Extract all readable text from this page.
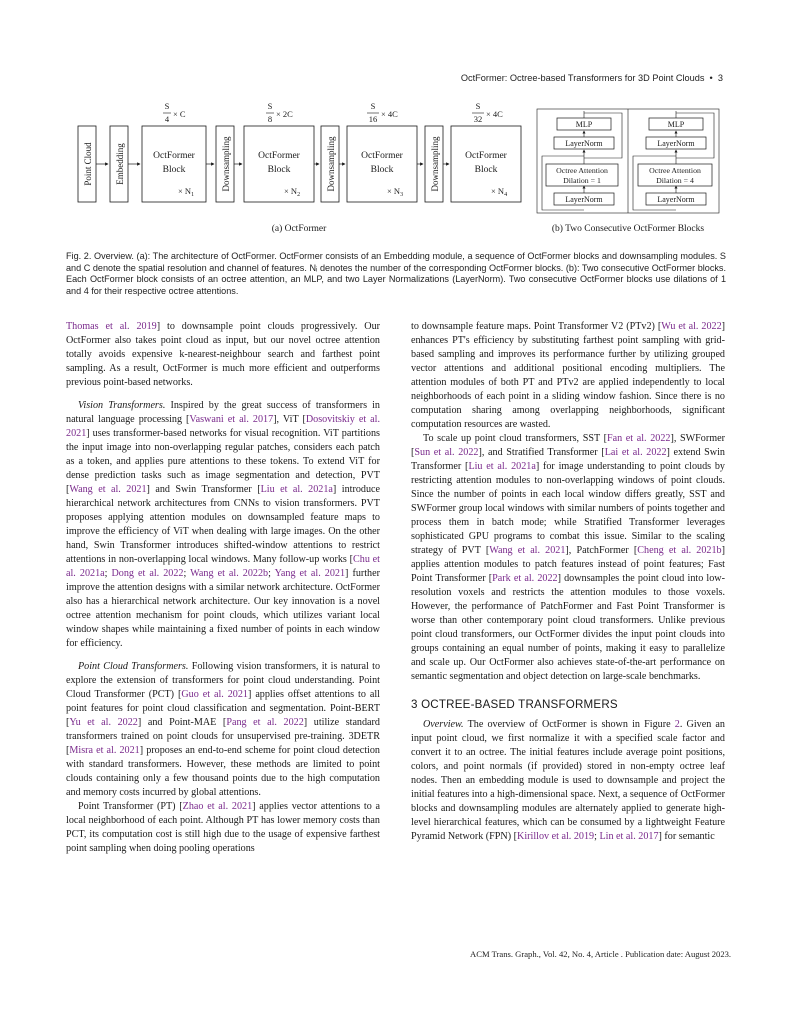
OctFormer: Octree-based Transformers for 3D Point Clouds • 3
S
4 × C
S
8 × 2C
S
16 × 4C
S
32 × 4C
Point Cloud Embedding	OctFormer
Block
× $N_1$
Downsampling	OctFormer
Block
× $N_2$
Downsampling	OctFormer
Block
× $N_3$
Downsampling	OctFormer
Block
× $N_4$
(a) OctFormer
MLP
LayerNorm
Octree Attention
Dilation = 1
LayerNorm
MLP
LayerNorm
Octree Attention
Dilation = 4
LayerNorm
(b) Two Consecutive OctFormer Blocks
Fig. 2. Overview. (a): The architecture of OctFormer. OctFormer consists of an Embedding module, a sequence of OctFormer blocks and downsampling modules. S and C denote the spatial resolution and channel of features. Nᵢ denotes the number of the corresponding OctFormer blocks. (b): Two consecutive OctFormer blocks. Each OctFormer block consists of an octree attention, an MLP, and two Layer Normalizations (LayerNorm). Two consecutive OctFormer blocks use dilations of 1 and 4 for their respective octree attentions.

Thomas et al. 2019] to downsample point clouds progressively. Our OctFormer also takes point cloud as input, but our novel octree attention totally avoids expensive k-nearest-neighbour search and farthest point sampling. As a result, OctFormer is much more efficient and outperforms previous point-based networks.

Vision Transformers. Inspired by the great success of transformers in natural language processing [Vaswani et al. 2017], ViT [Dosovitskiy et al. 2021] uses transformer-based networks for visual recognition. ViT partitions the input image into non-overlapping regular patches, considers each patch as a token, and applies pure attentions to these tokens. To extend ViT for dense prediction tasks such as image segmentation and detection, PVT [Wang et al. 2021] and Swin Transformer [Liu et al. 2021a] introduce hierarchical network architectures from CNNs to vision transformers. PVT proposes applying attention modules on downsampled feature maps to improve the efficiency of ViT when dealing with large images. On the other hand, Swin Transformer introduces shifted-window attentions to restrict attentions in non-overlapping local windows. Many follow-up works [Chu et al. 2021a; Dong et al. 2022; Wang et al. 2022b; Yang et al. 2021] further improve the attention designs with a similar network architecture. OctFormer also has a hierarchical network architecture. Our key innovation is a novel octree attention mechanism for point clouds, which utilizes variant local window shapes while maintaining a fixed number of points in each window for efficiency.

Point Cloud Transformers. Following vision transformers, it is natural to explore the extension of transformers for point cloud understanding. Point Cloud Transformer (PCT) [Guo et al. 2021] applies offset attentions to all point features for point cloud classification and segmentation. Point-BERT [Yu et al. 2022] and Point-MAE [Pang et al. 2022] utilize standard transformers trained on point clouds for unsupervised pre-training. 3DETR [Misra et al. 2021] proposes an end-to-end scheme for point cloud detection with standard transformers. However, these methods are limited to point clouds containing only a few thousand points due to the high computation and memory costs incurred by global attentions.

Point Transformer (PT) [Zhao et al. 2021] applies vector attentions to a local neighborhood of each point. Although PT has lower memory costs than PCT, its computation cost is still high due to the usage of expensive farthest point sampling when doing pooling operations

to downsample feature maps. Point Transformer V2 (PTv2) [Wu et al. 2022] enhances PT's efficiency by substituting farthest point sampling with grid-based sampling and improves its performance further by utilizing grouped vector attentions and additional positional encoding multipliers. The attention modules of both PT and PTv2 are applied independently to local neighborhoods of each point in a sliding window fashion. Since there is no computation sharing among overlapping neighborhoods, significant computation resources are wasted.

To scale up point cloud transformers, SST [Fan et al. 2022], SWFormer [Sun et al. 2022], and Stratified Transformer [Lai et al. 2022] extend Swin Transformer [Liu et al. 2021a] for image understanding to point clouds by restricting attention modules to non-overlapping windows of point clouds. Since the number of points in each local window differs greatly, SST and SWFormer group local windows with similar numbers of points together and process them in batch mode; while Stratified Transformer leverages sophisticated GPU programs to combat this issue. Similar to the scaling strategy of PVT [Wang et al. 2021], PatchFormer [Cheng et al. 2021b] applies attention modules to patch features instead of point features; Fast Point Transformer [Park et al. 2022] downsamples the point cloud into low-resolution voxels and restricts the attention modules to those voxels. However, the performance of PatchFormer and Fast Point Transformer is worse than other contemporary point cloud transformers. Unlike previous point cloud transformers, our OctFormer divides the input point clouds into groups containing an equal number of points, making it easy to parallelize and scale up. Our OctFormer also achieves state-of-the-art performance on semantic segmentation and object detection on large-scale benchmarks.

3 OCTREE-BASED TRANSFORMERS

Overview. The overview of OctFormer is shown in Figure 2. Given an input point cloud, we first normalize it with a specified scale factor and convert it to an octree. The initial features include average point positions, colors, and point normals (if provided) stored in non-empty octree leaf nodes. Then an embedding module is used to downsample and project the initial features into a high-dimensional space. Next, a sequence of OctFormer blocks and downsampling modules are alternately applied to generate high-level hierarchical features, which can be consumed by a lightweight Feature Pyramid Network (FPN) [Kirillov et al. 2019; Lin et al. 2017] for semantic

ACM Trans. Graph., Vol. 42, No. 4, Article . Publication date: August 2023.
